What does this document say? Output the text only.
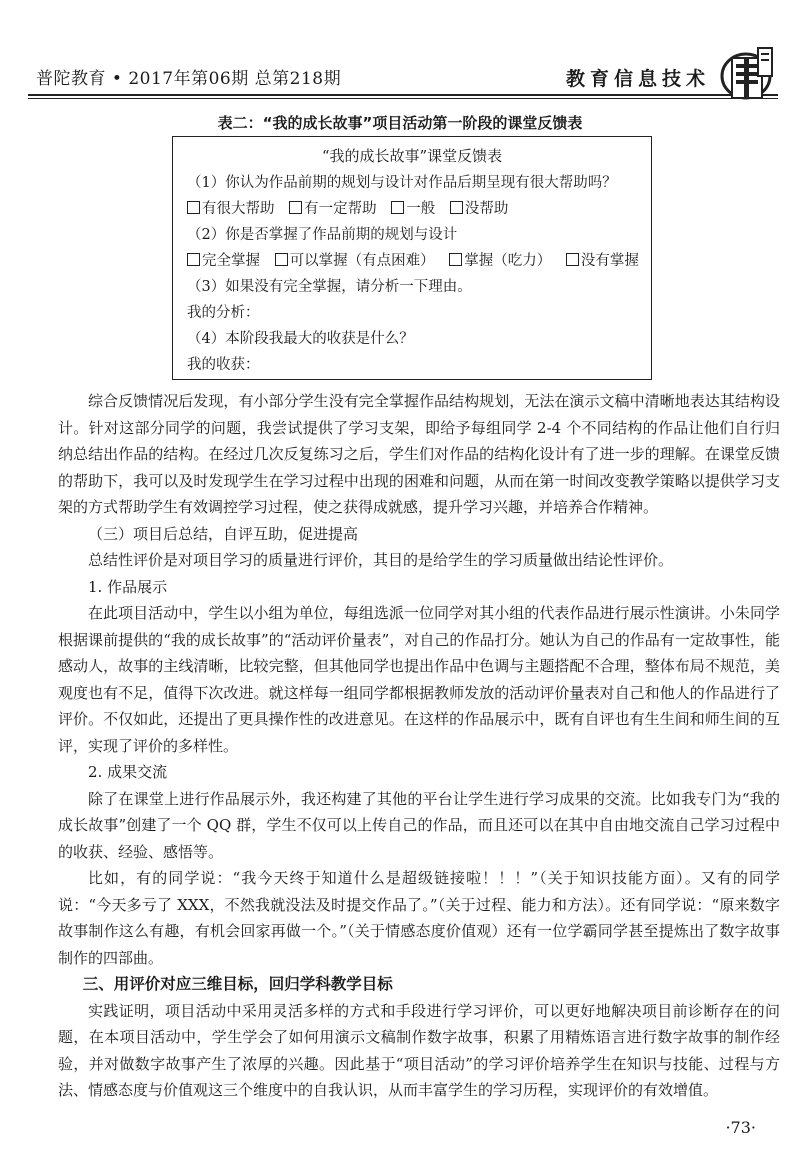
普陀教育 • 2017年第06期 总第218期	教育信息技术
表二：“我的成长故事”项目活动第一阶段的课堂反馈表
“我的成长故事”课堂反馈表
（1）你认为作品前期的规划与设计对作品后期呈现有很大帮助吗？
有很大帮助 有一定帮助 一般 没帮助
（2）你是否掌握了作品前期的规划与设计
完全掌握 可以掌握（有点困难） 掌握（吃力） 没有掌握
（3）如果没有完全掌握，请分析一下理由。
我的分析：
（4）本阶段我最大的收获是什么？
我的收获：

综合反馈情况后发现，有小部分学生没有完全掌握作品结构规划，无法在演示文稿中清晰地表达其结构设计。针对这部分同学的问题，我尝试提供了学习支架，即给予每组同学 2-4 个不同结构的作品让他们自行归纳总结出作品的结构。在经过几次反复练习之后，学生们对作品的结构化设计有了进一步的理解。在课堂反馈的帮助下，我可以及时发现学生在学习过程中出现的困难和问题，从而在第一时间改变教学策略以提供学习支架的方式帮助学生有效调控学习过程，使之获得成就感，提升学习兴趣，并培养合作精神。

（三）项目后总结，自评互助，促进提高

总结性评价是对项目学习的质量进行评价，其目的是给学生的学习质量做出结论性评价。

1. 作品展示

在此项目活动中，学生以小组为单位，每组选派一位同学对其小组的代表作品进行展示性演讲。小朱同学根据课前提供的“我的成长故事”的“活动评价量表”，对自己的作品打分。她认为自己的作品有一定故事性，能感动人，故事的主线清晰，比较完整，但其他同学也提出作品中色调与主题搭配不合理，整体布局不规范，美观度也有不足，值得下次改进。就这样每一组同学都根据教师发放的活动评价量表对自己和他人的作品进行了评价。不仅如此，还提出了更具操作性的改进意见。在这样的作品展示中，既有自评也有生生间和师生间的互评，实现了评价的多样性。

2. 成果交流

除了在课堂上进行作品展示外，我还构建了其他的平台让学生进行学习成果的交流。比如我专门为“我的成长故事”创建了一个 QQ 群，学生不仅可以上传自己的作品，而且还可以在其中自由地交流自己学习过程中的收获、经验、感悟等。

比如，有的同学说：“我今天终于知道什么是超级链接啦！！！”（关于知识技能方面）。又有的同学说：“今天多亏了 XXX，不然我就没法及时提交作品了。”（关于过程、能力和方法）。还有同学说：“原来数字故事制作这么有趣，有机会回家再做一个。”（关于情感态度价值观）还有一位学霸同学甚至提炼出了数字故事制作的四部曲。

三、用评价对应三维目标，回归学科教学目标

实践证明，项目活动中采用灵活多样的方式和手段进行学习评价，可以更好地解决项目前诊断存在的问题，在本项目活动中，学生学会了如何用演示文稿制作数字故事，积累了用精炼语言进行数字故事的制作经验，并对做数字故事产生了浓厚的兴趣。因此基于“项目活动”的学习评价培养学生在知识与技能、过程与方法、情感态度与价值观这三个维度中的自我认识，从而丰富学生的学习历程，实现评价的有效增值。

·73·
